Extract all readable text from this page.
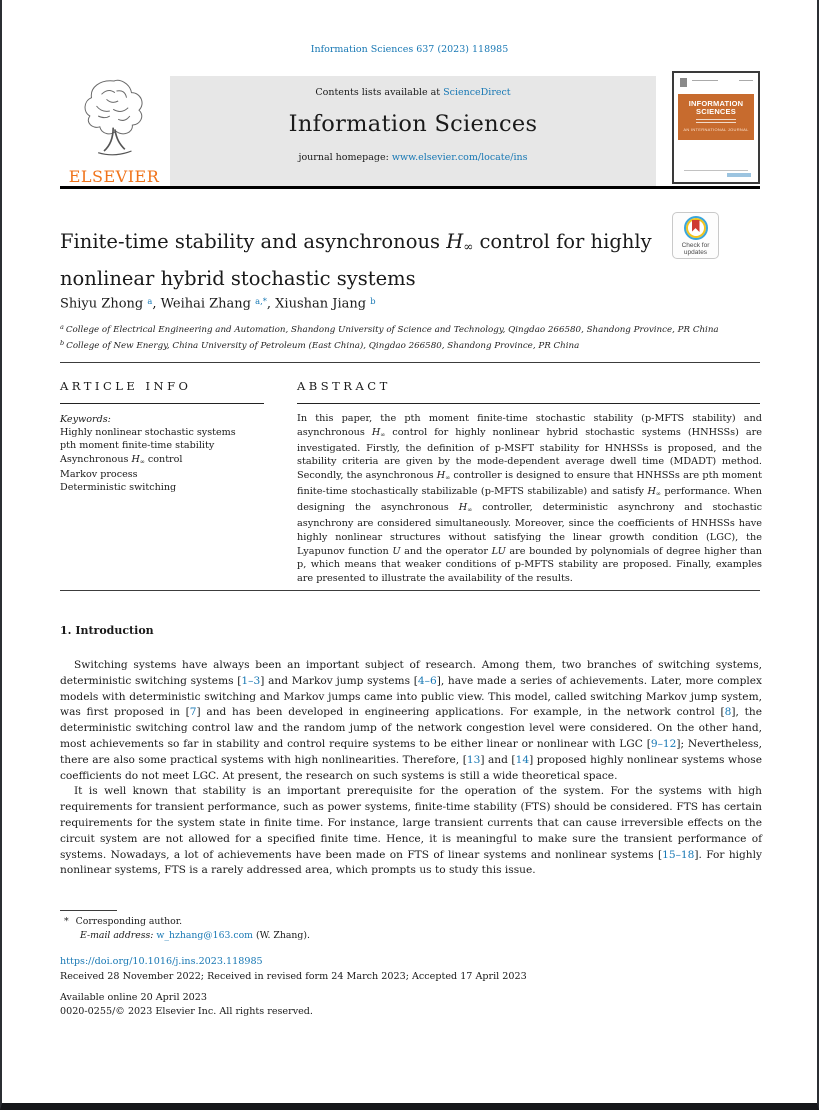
Information Sciences 637 (2023) 118985
ELSEVIER
Contents lists available at ScienceDirect
Information Sciences
journal homepage: www.elsevier.com/locate/ins
INFORMATION
SCIENCES
AN INTERNATIONAL JOURNAL
Finite-time stability and asynchronous $H_\infty$ control for highly nonlinear hybrid stochastic systems
Check for
updates
Shiyu Zhong $^a$, Weihai Zhang $^{a,*}$, Xiushan Jiang $^b$
$^a$ College of Electrical Engineering and Automation, Shandong University of Science and Technology, Qingdao 266580, Shandong Province, PR China
$^b$ College of New Energy, China University of Petroleum (East China), Qingdao 266580, Shandong Province, PR China
ARTICLE INFO
Keywords:
Highly nonlinear stochastic systems
pth moment finite-time stability
Asynchronous $H_\infty$ control
Markov process
Deterministic switching
ABSTRACT
In this paper, the pth moment finite-time stochastic stability (p-MFTS stability) and asynchronous $H_\infty$ control for highly nonlinear hybrid stochastic systems (HNHSSs) are investigated. Firstly, the definition of p-MSFT stability for HNHSSs is proposed, and the stability criteria are given by the mode-dependent average dwell time (MDADT) method. Secondly, the asynchronous $H_\infty$ controller is designed to ensure that HNHSSs are pth moment finite-time stochastically stabilizable (p-MFTS stabilizable) and satisfy $H_\infty$ performance. When designing the asynchronous $H_\infty$ controller, deterministic asynchrony and stochastic asynchrony are considered simultaneously. Moreover, since the coefficients of HNHSSs have highly nonlinear structures without satisfying the linear growth condition (LGC), the Lyapunov function U and the operator LU are bounded by polynomials of degree higher than p, which means that weaker conditions of p-MFTS stability are proposed. Finally, examples are presented to illustrate the availability of the results.
1. Introduction

Switching systems have always been an important subject of research. Among them, two branches of switching systems, deterministic switching systems [1–3] and Markov jump systems [4–6], have made a series of achievements. Later, more complex models with deterministic switching and Markov jumps came into public view. This model, called switching Markov jump system, was first proposed in [7] and has been developed in engineering applications. For example, in the network control [8], the deterministic switching control law and the random jump of the network congestion level were considered. On the other hand, most achievements so far in stability and control require systems to be either linear or nonlinear with LGC [9–12]; Nevertheless, there are also some practical systems with high nonlinearities. Therefore, [13] and [14] proposed highly nonlinear systems whose coefficients do not meet LGC. At present, the research on such systems is still a wide theoretical space.

It is well known that stability is an important prerequisite for the operation of the system. For the systems with high requirements for transient performance, such as power systems, finite-time stability (FTS) should be considered. FTS has certain requirements for the system state in finite time. For instance, large transient currents that can cause irreversible effects on the circuit system are not allowed for a specified finite time. Hence, it is meaningful to make sure the transient performance of systems. Nowadays, a lot of achievements have been made on FTS of linear systems and nonlinear systems [15–18]. For highly nonlinear systems, FTS is a rarely addressed area, which prompts us to study this issue.

* Corresponding author.
E-mail address: w_hzhang@163.com (W. Zhang).
https://doi.org/10.1016/j.ins.2023.118985
Received 28 November 2022; Received in revised form 24 March 2023; Accepted 17 April 2023
Available online 20 April 2023
0020-0255/© 2023 Elsevier Inc. All rights reserved.
